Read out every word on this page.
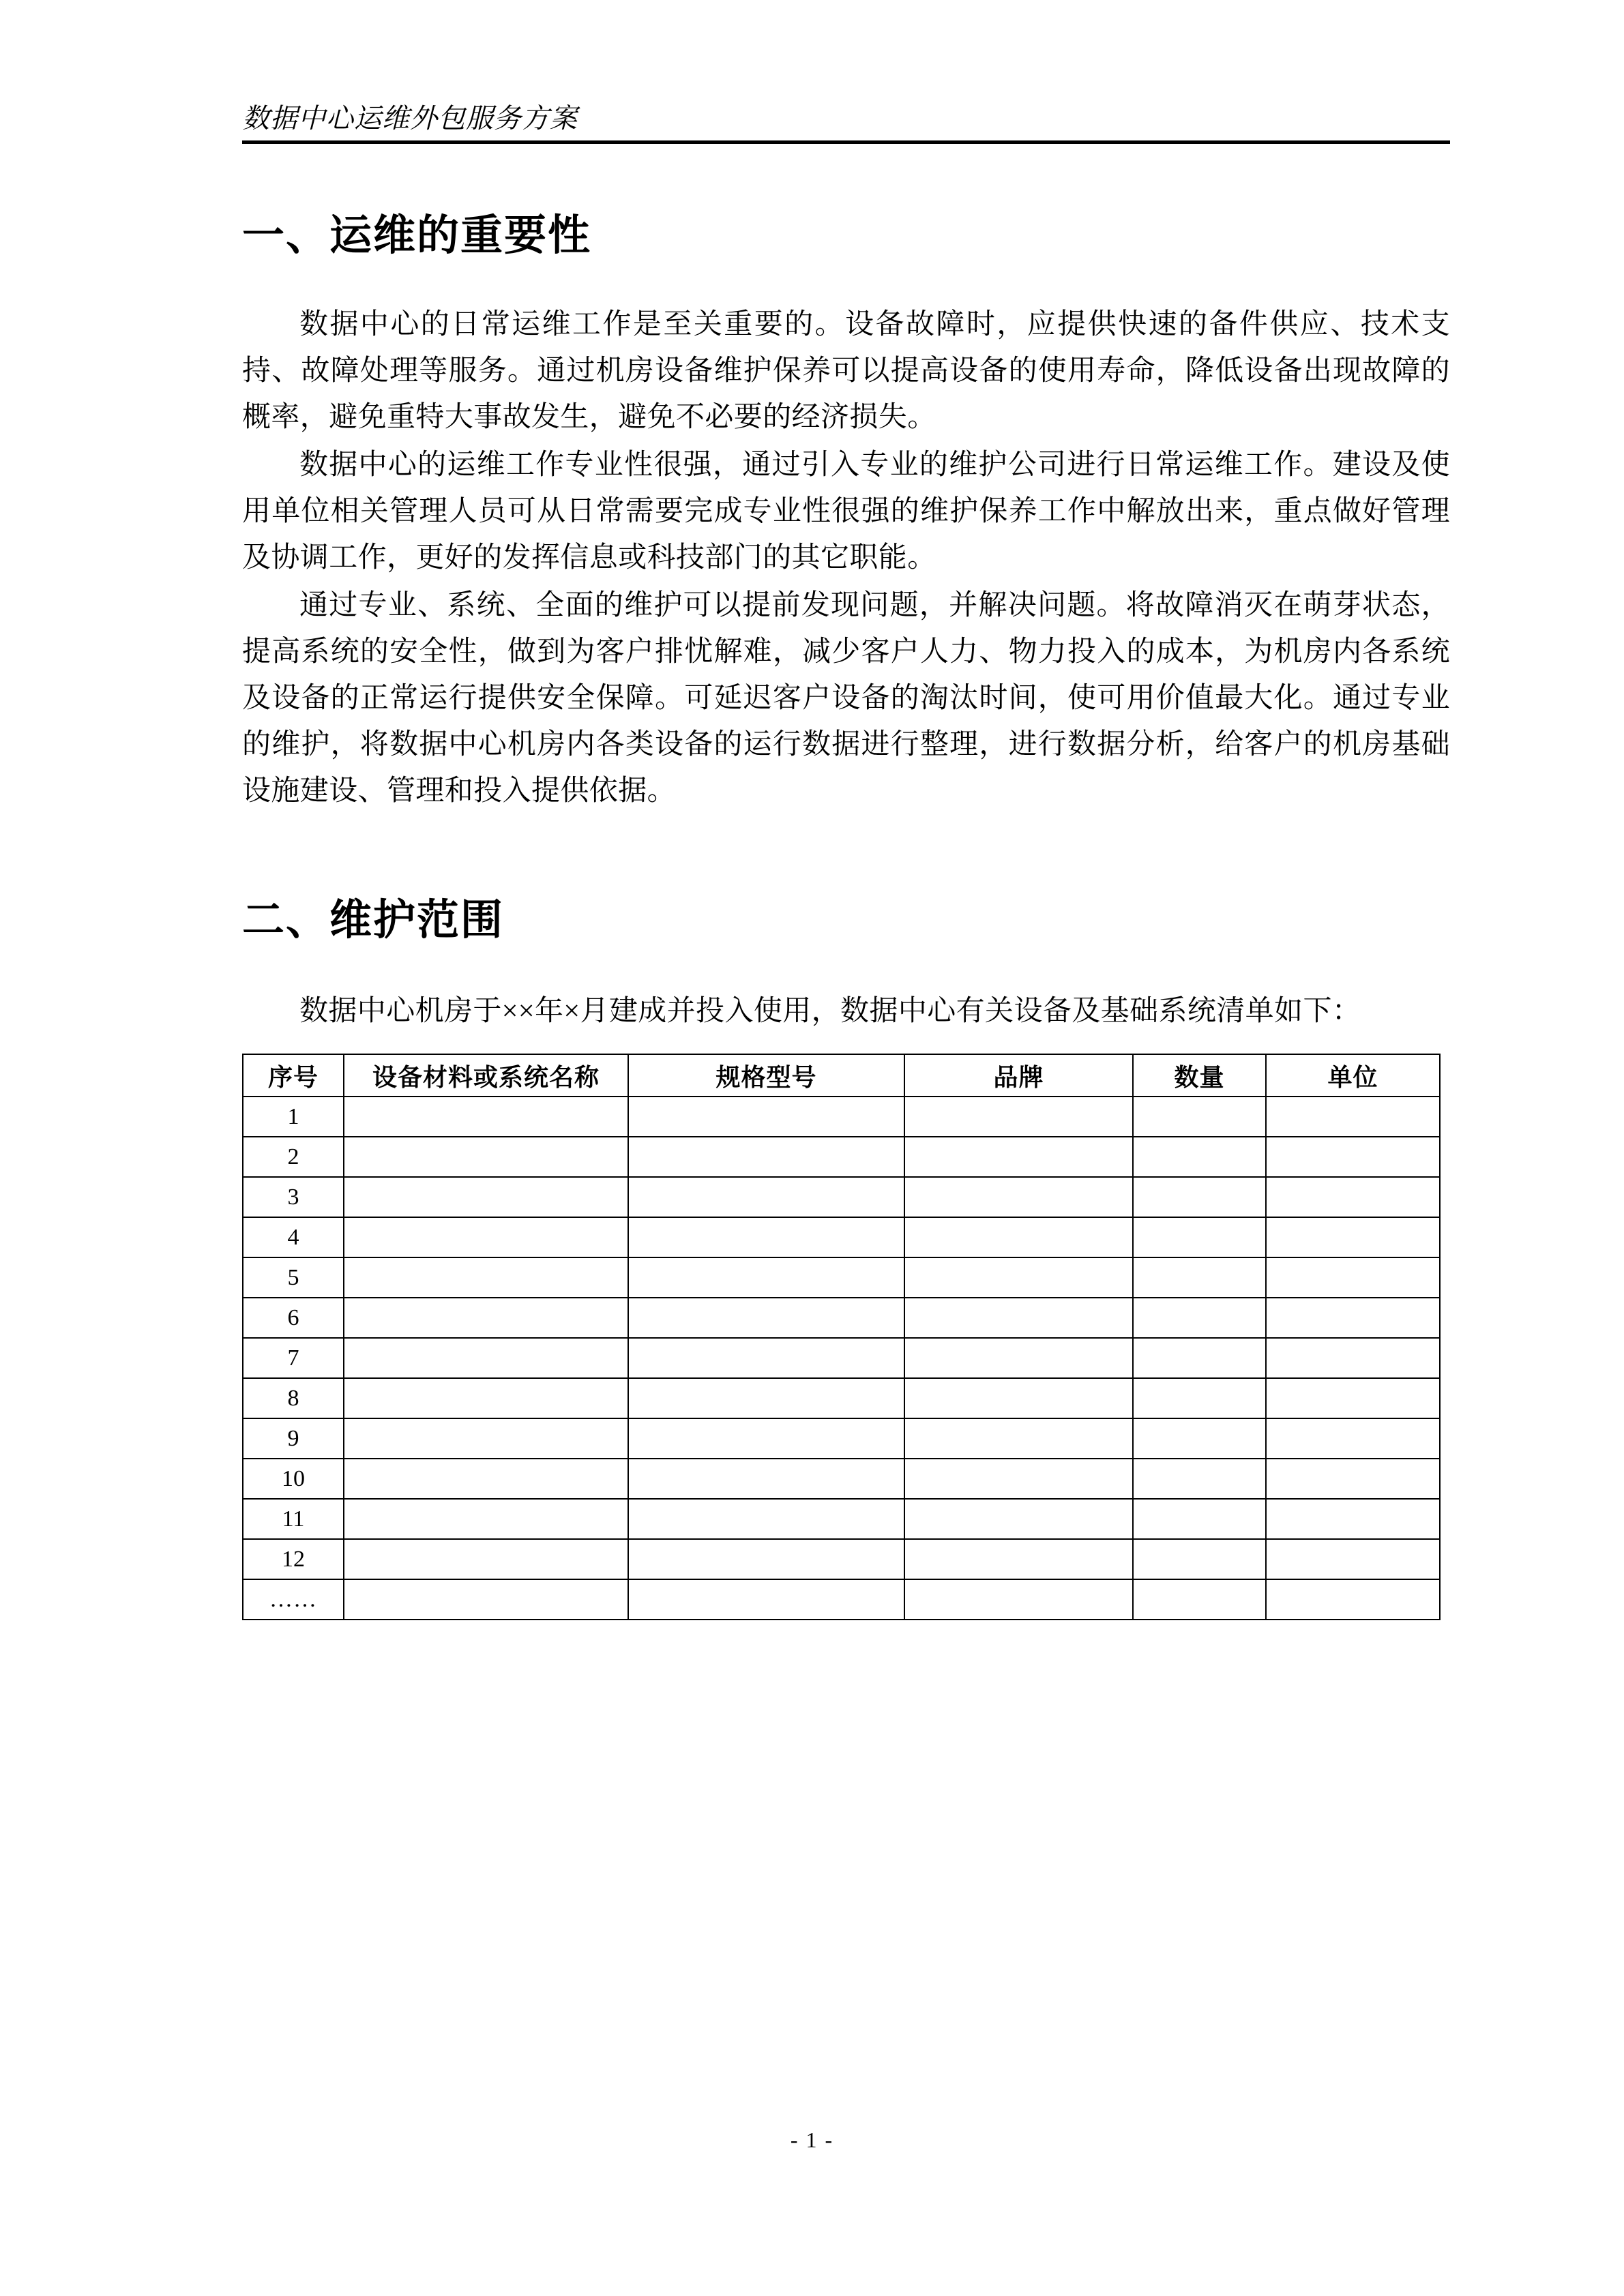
数据中心运维外包服务方案
一、运维的重要性

数据中心的日常运维工作是至关重要的。设备故障时，应提供快速的备件供应、技术支持、故障处理等服务。通过机房设备维护保养可以提高设备的使用寿命，降低设备出现故障的概率，避免重特大事故发生，避免不必要的经济损失。

数据中心的运维工作专业性很强，通过引入专业的维护公司进行日常运维工作。建设及使用单位相关管理人员可从日常需要完成专业性很强的维护保养工作中解放出来，重点做好管理及协调工作，更好的发挥信息或科技部门的其它职能。

通过专业、系统、全面的维护可以提前发现问题，并解决问题。将故障消灭在萌芽状态，提高系统的安全性，做到为客户排忧解难，减少客户人力、物力投入的成本，为机房内各系统及设备的正常运行提供安全保障。可延迟客户设备的淘汰时间，使可用价值最大化。通过专业的维护，将数据中心机房内各类设备的运行数据进行整理，进行数据分析，给客户的机房基础设施建设、管理和投入提供依据。

二、维护范围

数据中心机房于××年×月建成并投入使用，数据中心有关设备及基础系统清单如下：

序号	设备材料或系统名称	规格型号	品牌	数量	单位
1					
2					
3					
4					
5					
6					
7					
8					
9					
10					
11					
12					
……					
- 1 -
